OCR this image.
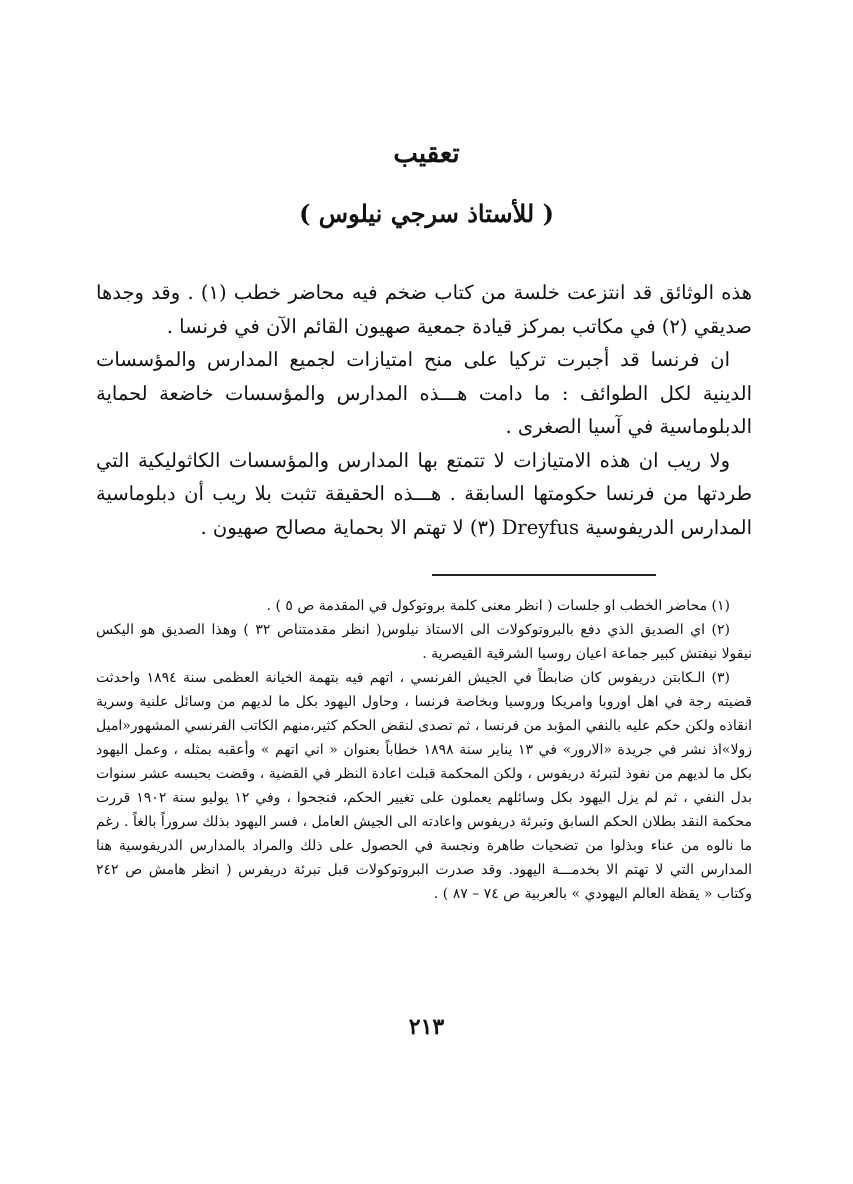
تعقيب
( للأستاذ سرجي نيلوس )

هذه الوثائق قد انتزعت خلسة من كتاب ضخم فيه محاضر خطب (١) . وقد وجدها صديقي (٢) في مكاتب بمركز قيادة جمعية صهيون القائم الآن في فرنسا .

ان فرنسا قد أجبرت تركيا على منح امتيازات لجميع المدارس والمؤسسات الدينية لكل الطوائف : ما دامت هـــذه المدارس والمؤسسات خاضعة لحماية الدبلوماسية في آسيا الصغرى .

ولا ريب ان هذه الامتيازات لا تتمتع بها المدارس والمؤسسات الكاثوليكية التي طردتها من فرنسا حكومتها السابقة . هـــذه الحقيقة تثبت بلا ريب أن دبلوماسية المدارس الدريفوسية Dreyfus (٣) لا تهتم الا بحماية مصالح صهيون .

(١) محاضر الخطب او جلسات ( انظر معنى كلمة بروتوكول في المقدمة ص ٥ ) .

(٢) اي الصديق الذي دفع بالبروتوكولات الى الاستاذ نيلوس( انظر مقدمتناص ٣٢ ) وهذا الصديق هو اليكس نيقولا نيفتش كبير جماعة اعيان روسيا الشرقية القيصرية .

(٣) الـكابتن دريفوس كان ضابطاً في الجيش الفرنسي ، اتهم فيه بتهمة الخيانة العظمى سنة ١٨٩٤ واحدثت قضيته رجة في اهل اوروبا وامريكا وروسيا وبخاصة فرنسا ، وحاول اليهود بكل ما لديهم من وسائل علنية وسرية انقاذه ولكن حكم عليه بالنفي المؤبد من فرنسا ، ثم تصدى لنقض الحكم كثير،منهم الكاتب الفرنسي المشهور«اميل زولا»اذ نشر في جريدة «الارور» في ١٣ يناير سنة ١٨٩٨ خطاباً بعنوان « اني اتهم » وأعقبه بمثله ، وعمل اليهود بكل ما لديهم من نفوذ لتبرئة دريفوس ، ولكن المحكمة قبلت اعادة النظر في القضية ، وقضت بحبسه عشر سنوات بدل النفي ، ثم لم يزل اليهود بكل وسائلهم يعملون على تغيير الحكم، فنجحوا ، وفي ١٢ يوليو سنة ١٩٠٢ قررت محكمة النقد بطلان الحكم السابق وتبرئة دريفوس واعادته الى الجيش العامل ، فسر اليهود بذلك سروراً بالغاً . رغم ما نالوه من عناء وبذلوا من تضحيات طاهرة ونجسة في الحصول على ذلك والمراد بالمدارس الدريفوسية هنا المدارس التي لا تهتم الا بخدمـــة اليهود. وقد صدرت البروتوكولات قبل تبرئة دريفرس ( انظر هامش ص ٢٤٢ وكتاب « يقظة العالم اليهودي » بالعربية ص ٧٤ – ٨٧ ) .

٢١٣
